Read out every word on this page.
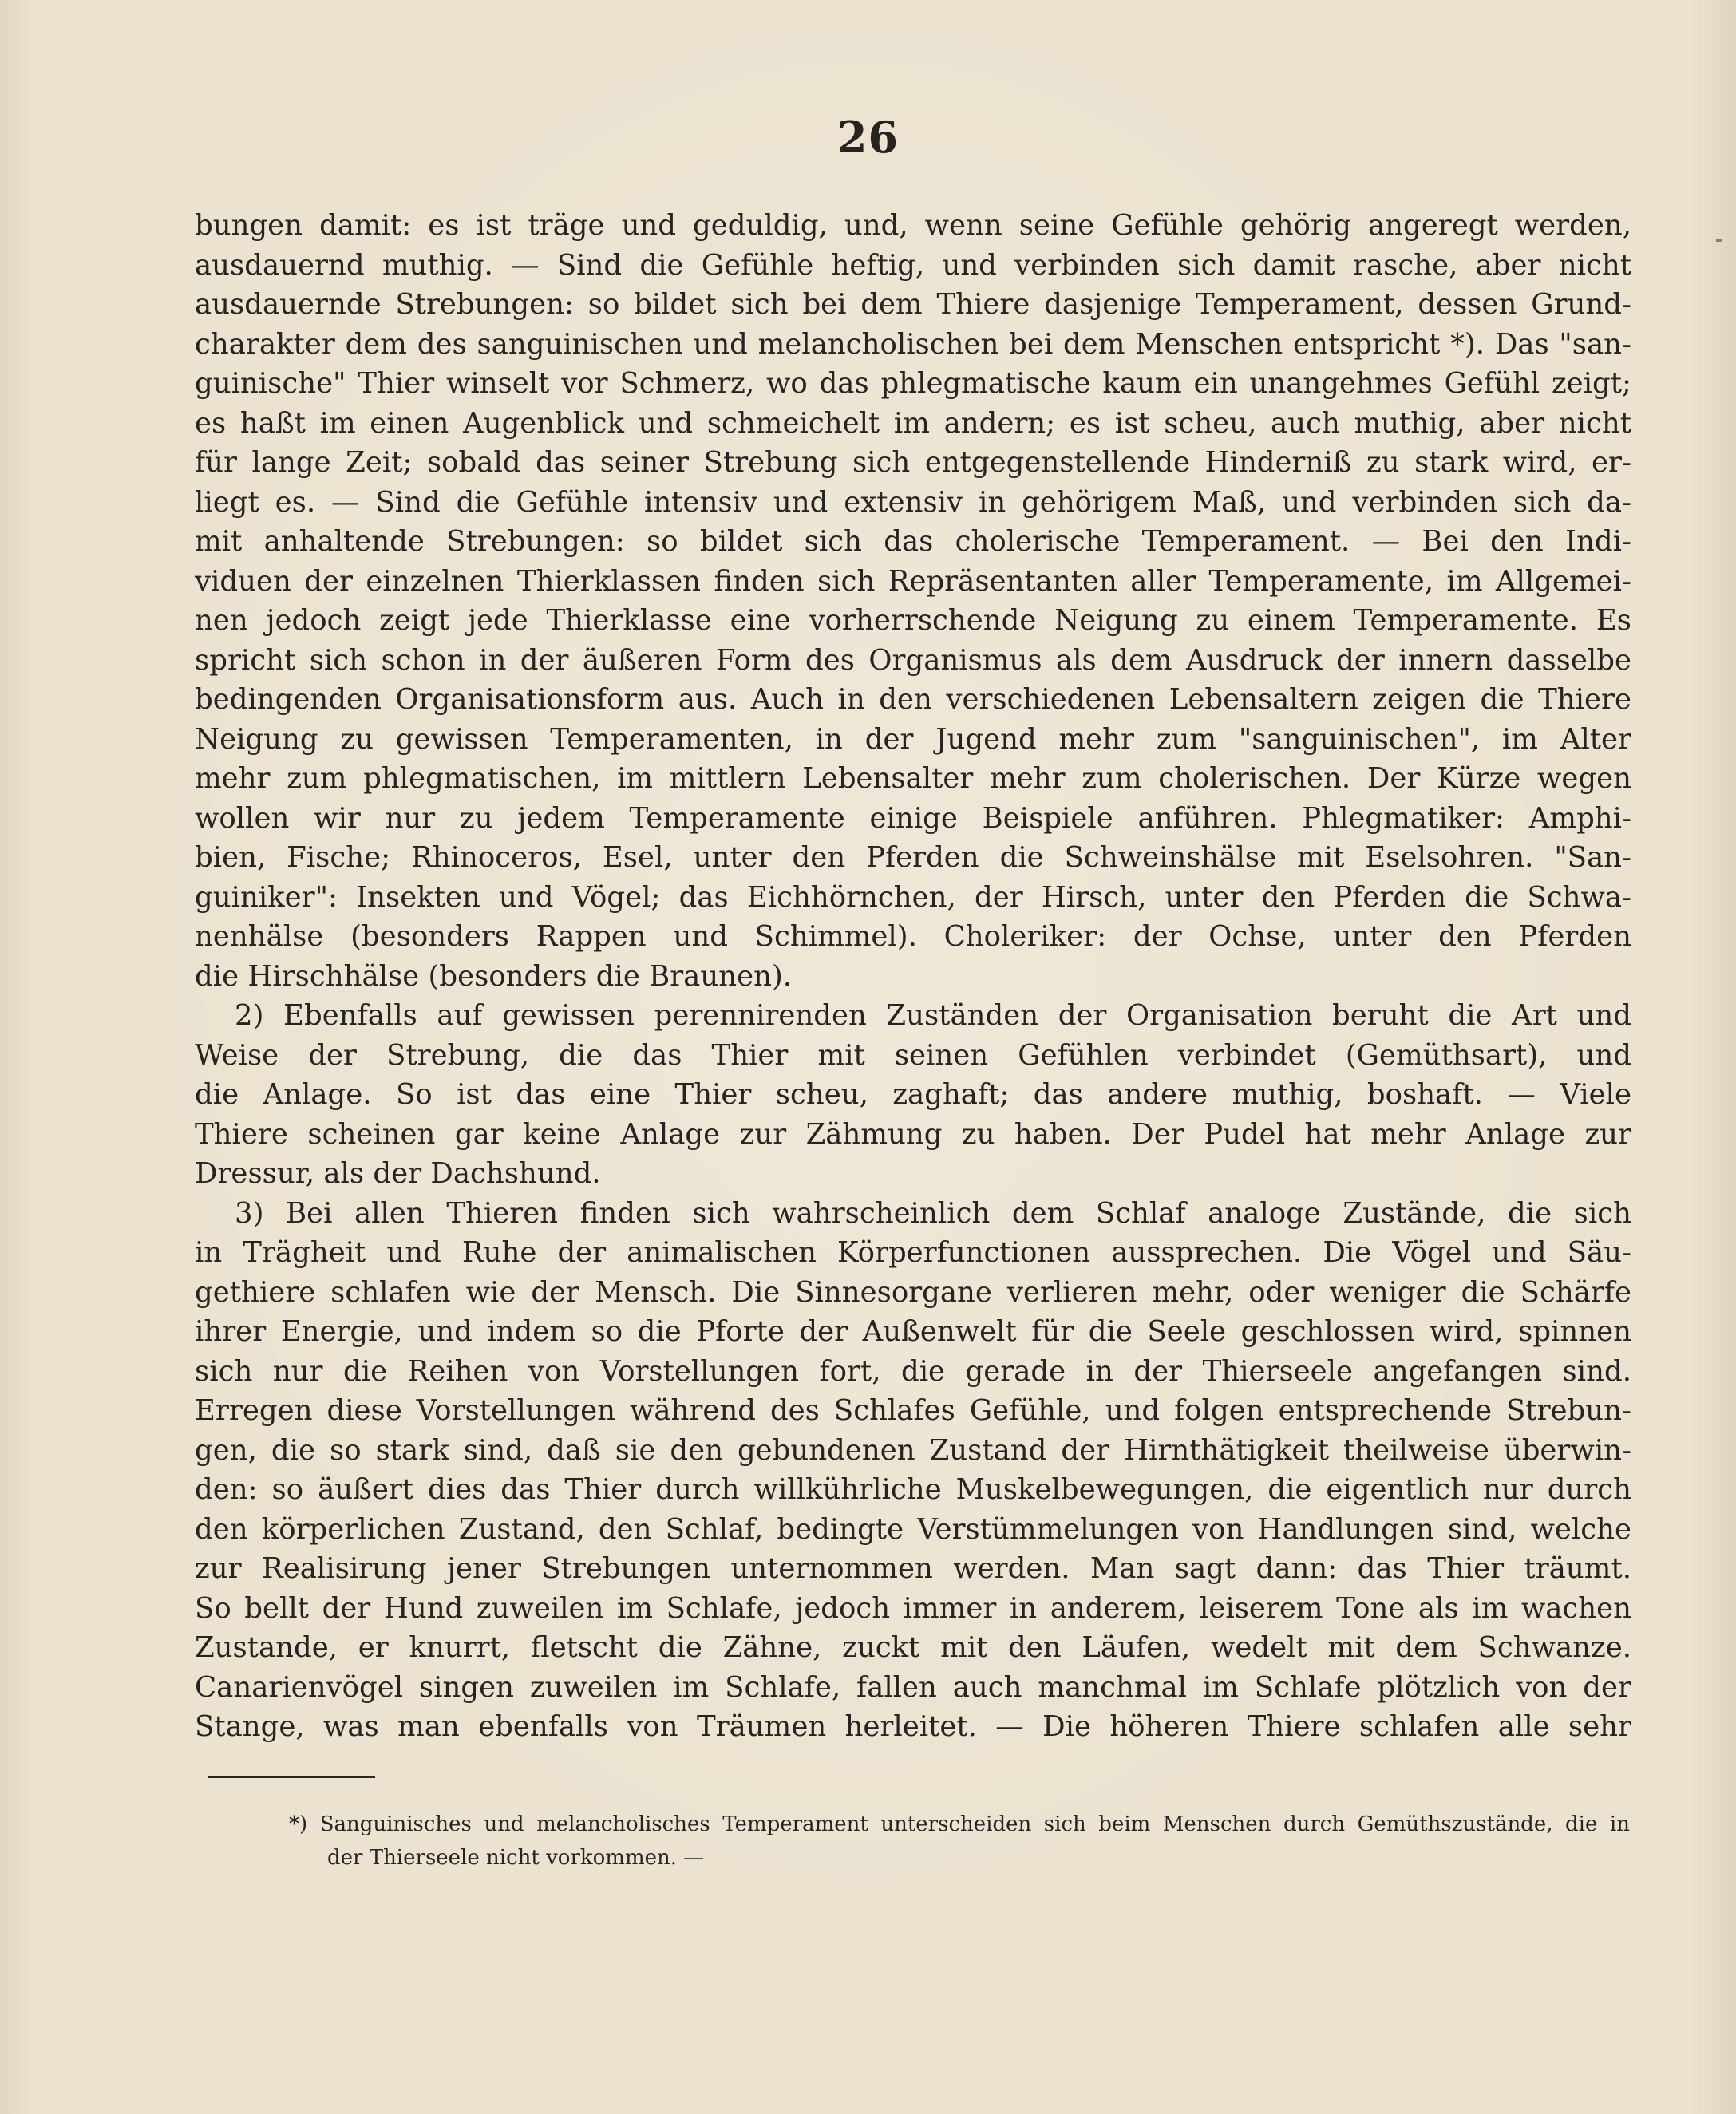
26
bungen damit: es ist träge und geduldig, und, wenn seine Gefühle gehörig angeregt werden,
ausdauernd muthig. — Sind die Gefühle heftig, und verbinden sich damit rasche, aber nicht
ausdauernde Strebungen: so bildet sich bei dem Thiere dasjenige Temperament, dessen Grund-
charakter dem des sanguinischen und melancholischen bei dem Menschen entspricht *). Das "san-
guinische" Thier winselt vor Schmerz, wo das phlegmatische kaum ein unangehmes Gefühl zeigt;
es haßt im einen Augenblick und schmeichelt im andern; es ist scheu, auch muthig, aber nicht
für lange Zeit; sobald das seiner Strebung sich entgegenstellende Hinderniß zu stark wird, er-
liegt es. — Sind die Gefühle intensiv und extensiv in gehörigem Maß, und verbinden sich da-
mit anhaltende Strebungen: so bildet sich das cholerische Temperament. — Bei den Indi-
viduen der einzelnen Thierklassen finden sich Repräsentanten aller Temperamente, im Allgemei-
nen jedoch zeigt jede Thierklasse eine vorherrschende Neigung zu einem Temperamente. Es
spricht sich schon in der äußeren Form des Organismus als dem Ausdruck der innern dasselbe
bedingenden Organisationsform aus. Auch in den verschiedenen Lebensaltern zeigen die Thiere
Neigung zu gewissen Temperamenten, in der Jugend mehr zum "sanguinischen", im Alter
mehr zum phlegmatischen, im mittlern Lebensalter mehr zum cholerischen. Der Kürze wegen
wollen wir nur zu jedem Temperamente einige Beispiele anführen. Phlegmatiker: Amphi-
bien, Fische; Rhinoceros, Esel, unter den Pferden die Schweinshälse mit Eselsohren. "San-
guiniker": Insekten und Vögel; das Eichhörnchen, der Hirsch, unter den Pferden die Schwa-
nenhälse (besonders Rappen und Schimmel). Choleriker: der Ochse, unter den Pferden
die Hirschhälse (besonders die Braunen).
2) Ebenfalls auf gewissen perennirenden Zuständen der Organisation beruht die Art und
Weise der Strebung, die das Thier mit seinen Gefühlen verbindet (Gemüthsart), und
die Anlage. So ist das eine Thier scheu, zaghaft; das andere muthig, boshaft. — Viele
Thiere scheinen gar keine Anlage zur Zähmung zu haben. Der Pudel hat mehr Anlage zur
Dressur, als der Dachshund.
3) Bei allen Thieren finden sich wahrscheinlich dem Schlaf analoge Zustände, die sich
in Trägheit und Ruhe der animalischen Körperfunctionen aussprechen. Die Vögel und Säu-
gethiere schlafen wie der Mensch. Die Sinnesorgane verlieren mehr, oder weniger die Schärfe
ihrer Energie, und indem so die Pforte der Außenwelt für die Seele geschlossen wird, spinnen
sich nur die Reihen von Vorstellungen fort, die gerade in der Thierseele angefangen sind.
Erregen diese Vorstellungen während des Schlafes Gefühle, und folgen entsprechende Strebun-
gen, die so stark sind, daß sie den gebundenen Zustand der Hirnthätigkeit theilweise überwin-
den: so äußert dies das Thier durch willkührliche Muskelbewegungen, die eigentlich nur durch
den körperlichen Zustand, den Schlaf, bedingte Verstümmelungen von Handlungen sind, welche
zur Realisirung jener Strebungen unternommen werden. Man sagt dann: das Thier träumt.
So bellt der Hund zuweilen im Schlafe, jedoch immer in anderem, leiserem Tone als im wachen
Zustande, er knurrt, fletscht die Zähne, zuckt mit den Läufen, wedelt mit dem Schwanze.
Canarienvögel singen zuweilen im Schlafe, fallen auch manchmal im Schlafe plötzlich von der
Stange, was man ebenfalls von Träumen herleitet. — Die höheren Thiere schlafen alle sehr
*) Sanguinisches und melancholisches Temperament unterscheiden sich beim Menschen durch Gemüthszustände, die in
der Thierseele nicht vorkommen. —
